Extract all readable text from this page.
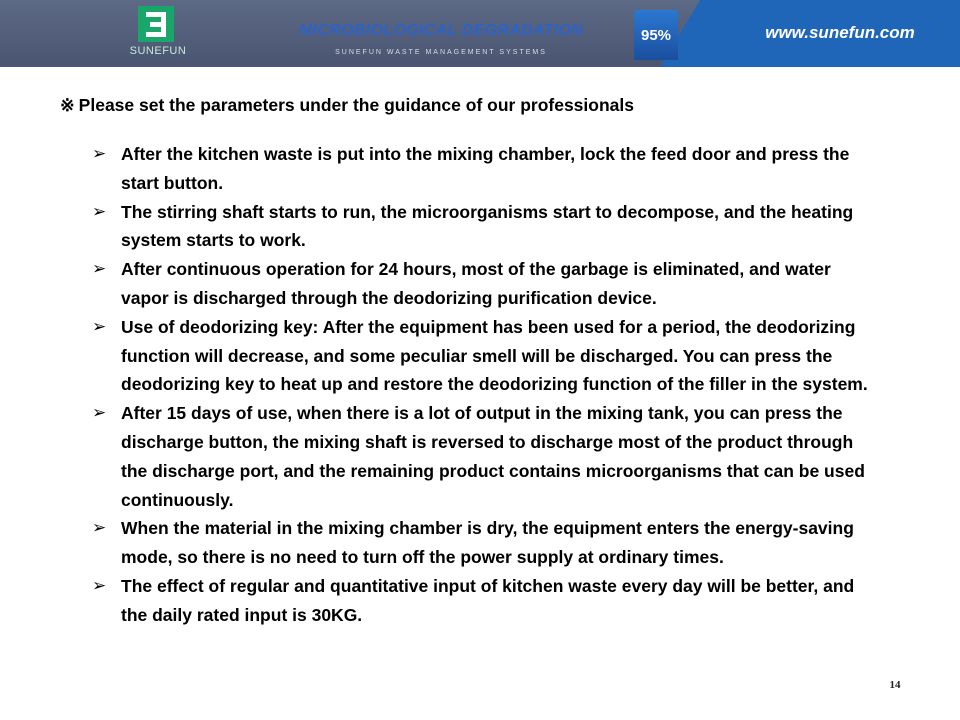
SUNEFUN
MICROBIOLOGICAL DEGRADATION
SUNEFUN WASTE MANAGEMENT SYSTEMS
95%	www.sunefun.com
※ Please set the parameters under the guidance of our professionals
➢ After the kitchen waste is put into the mixing chamber, lock the feed door and press the start button.
➢ The stirring shaft starts to run, the microorganisms start to decompose, and the heating system starts to work.
➢ After continuous operation for 24 hours, most of the garbage is eliminated, and water vapor is discharged through the deodorizing purification device.
➢ Use of deodorizing key: After the equipment has been used for a period, the deodorizing function will decrease, and some peculiar smell will be discharged. You can press the deodorizing key to heat up and restore the deodorizing function of the filler in the system.
➢ After 15 days of use, when there is a lot of output in the mixing tank, you can press the discharge button, the mixing shaft is reversed to discharge most of the product through the discharge port, and the remaining product contains microorganisms that can be used continuously.
➢ When the material in the mixing chamber is dry, the equipment enters the energy-saving mode, so there is no need to turn off the power supply at ordinary times.
➢ The effect of regular and quantitative input of kitchen waste every day will be better, and the daily rated input is 30KG.
14
